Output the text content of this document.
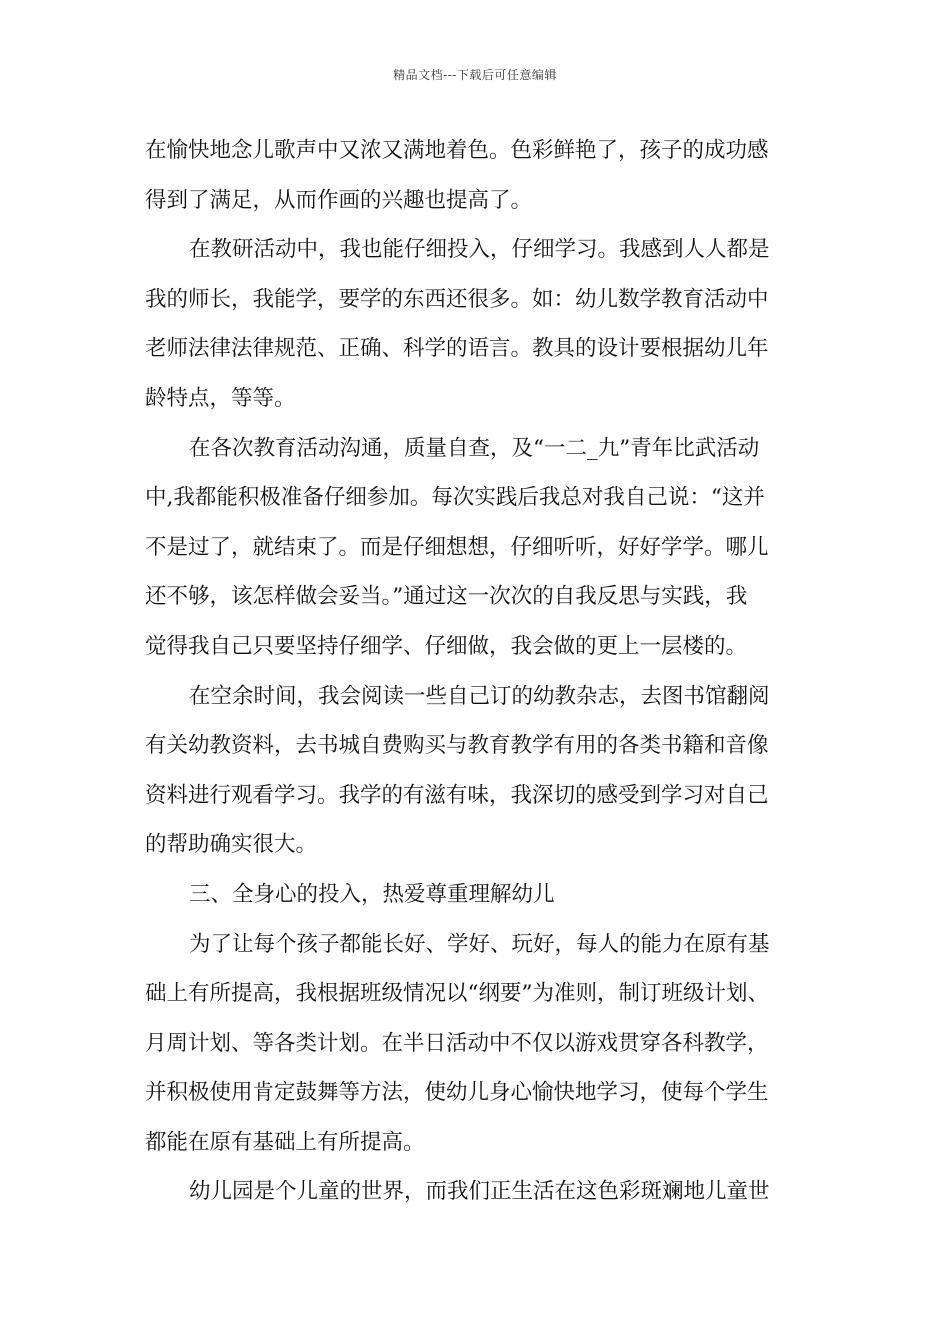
精品文档---下载后可任意编辑
在愉快地念儿歌声中又浓又满地着色。色彩鲜艳了，孩子的成功感
得到了满足，从而作画的兴趣也提高了。
在教研活动中，我也能仔细投入，仔细学习。我感到人人都是
我的师长，我能学，要学的东西还很多。如：幼儿数学教育活动中
老师法律法律规范、正确、科学的语言。教具的设计要根据幼儿年
龄特点，等等。
在各次教育活动沟通，质量自查，及“一二_九”青年比武活动
中,我都能积极准备仔细参加。每次实践后我总对我自己说：“这并
不是过了，就结束了。而是仔细想想，仔细听听，好好学学。哪儿
还不够，该怎样做会妥当。”通过这一次次的自我反思与实践，我
觉得我自己只要坚持仔细学、仔细做，我会做的更上一层楼的。
在空余时间，我会阅读一些自己订的幼教杂志，去图书馆翻阅
有关幼教资料，去书城自费购买与教育教学有用的各类书籍和音像
资料进行观看学习。我学的有滋有味，我深切的感受到学习对自己
的帮助确实很大。
三、全身心的投入，热爱尊重理解幼儿
为了让每个孩子都能长好、学好、玩好，每人的能力在原有基
础上有所提高，我根据班级情况以“纲要”为准则，制订班级计划、
月周计划、等各类计划。在半日活动中不仅以游戏贯穿各科教学，
并积极使用肯定鼓舞等方法，使幼儿身心愉快地学习，使每个学生
都能在原有基础上有所提高。
幼儿园是个儿童的世界，而我们正生活在这色彩斑斓地儿童世
